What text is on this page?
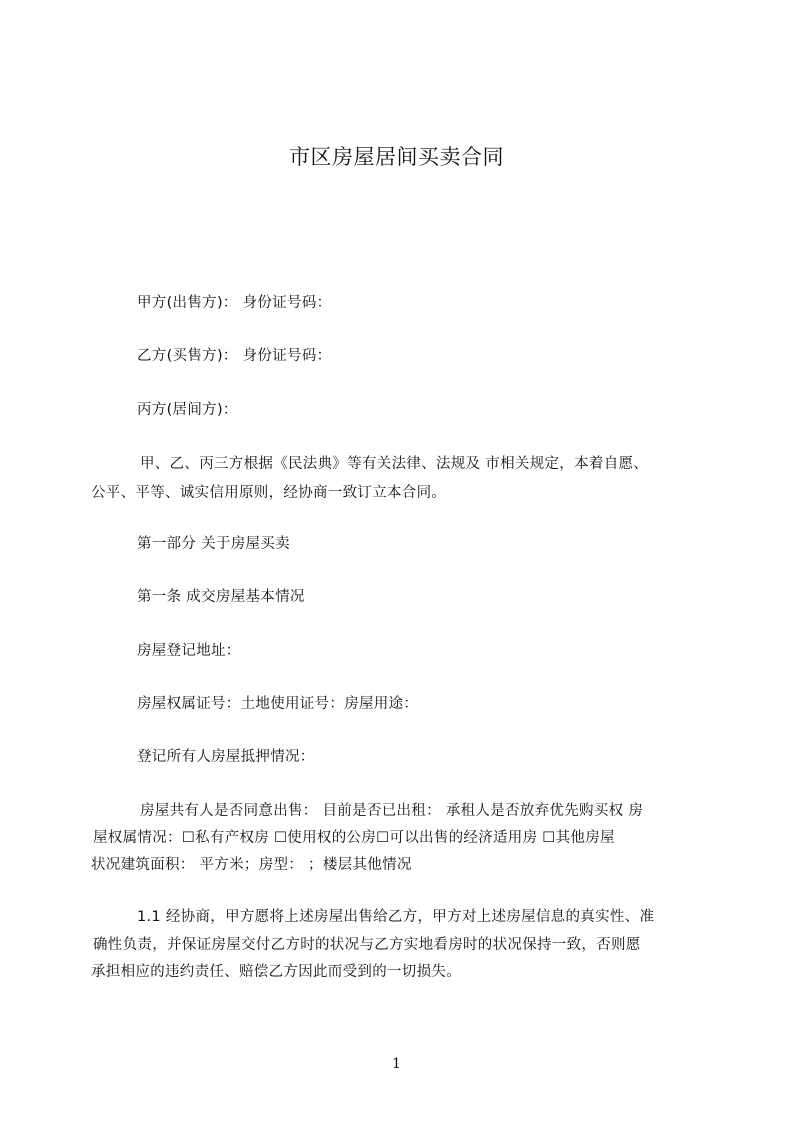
市区房屋居间买卖合同
甲方(出售方)： 身份证号码：
乙方(买售方)： 身份证号码：
丙方(居间方)：
甲、乙、丙三方根据《民法典》等有关法律、法规及 市相关规定，本着自愿、
公平、平等、诚实信用原则，经协商一致订立本合同。
第一部分 关于房屋买卖
第一条 成交房屋基本情况
房屋登记地址：
房屋权属证号：土地使用证号：房屋用途：
登记所有人房屋抵押情况：
房屋共有人是否同意出售： 目前是否已出租： 承租人是否放弃优先购买权 房
屋权属情况：☐私有产权房 ☐使用权的公房☐可以出售的经济适用房 ☐其他房屋
状况建筑面积： 平方米；房型： ；楼层其他情况
1.1 经协商，甲方愿将上述房屋出售给乙方，甲方对上述房屋信息的真实性、准
确性负责，并保证房屋交付乙方时的状况与乙方实地看房时的状况保持一致，否则愿
承担相应的违约责任、赔偿乙方因此而受到的一切损失。
1
